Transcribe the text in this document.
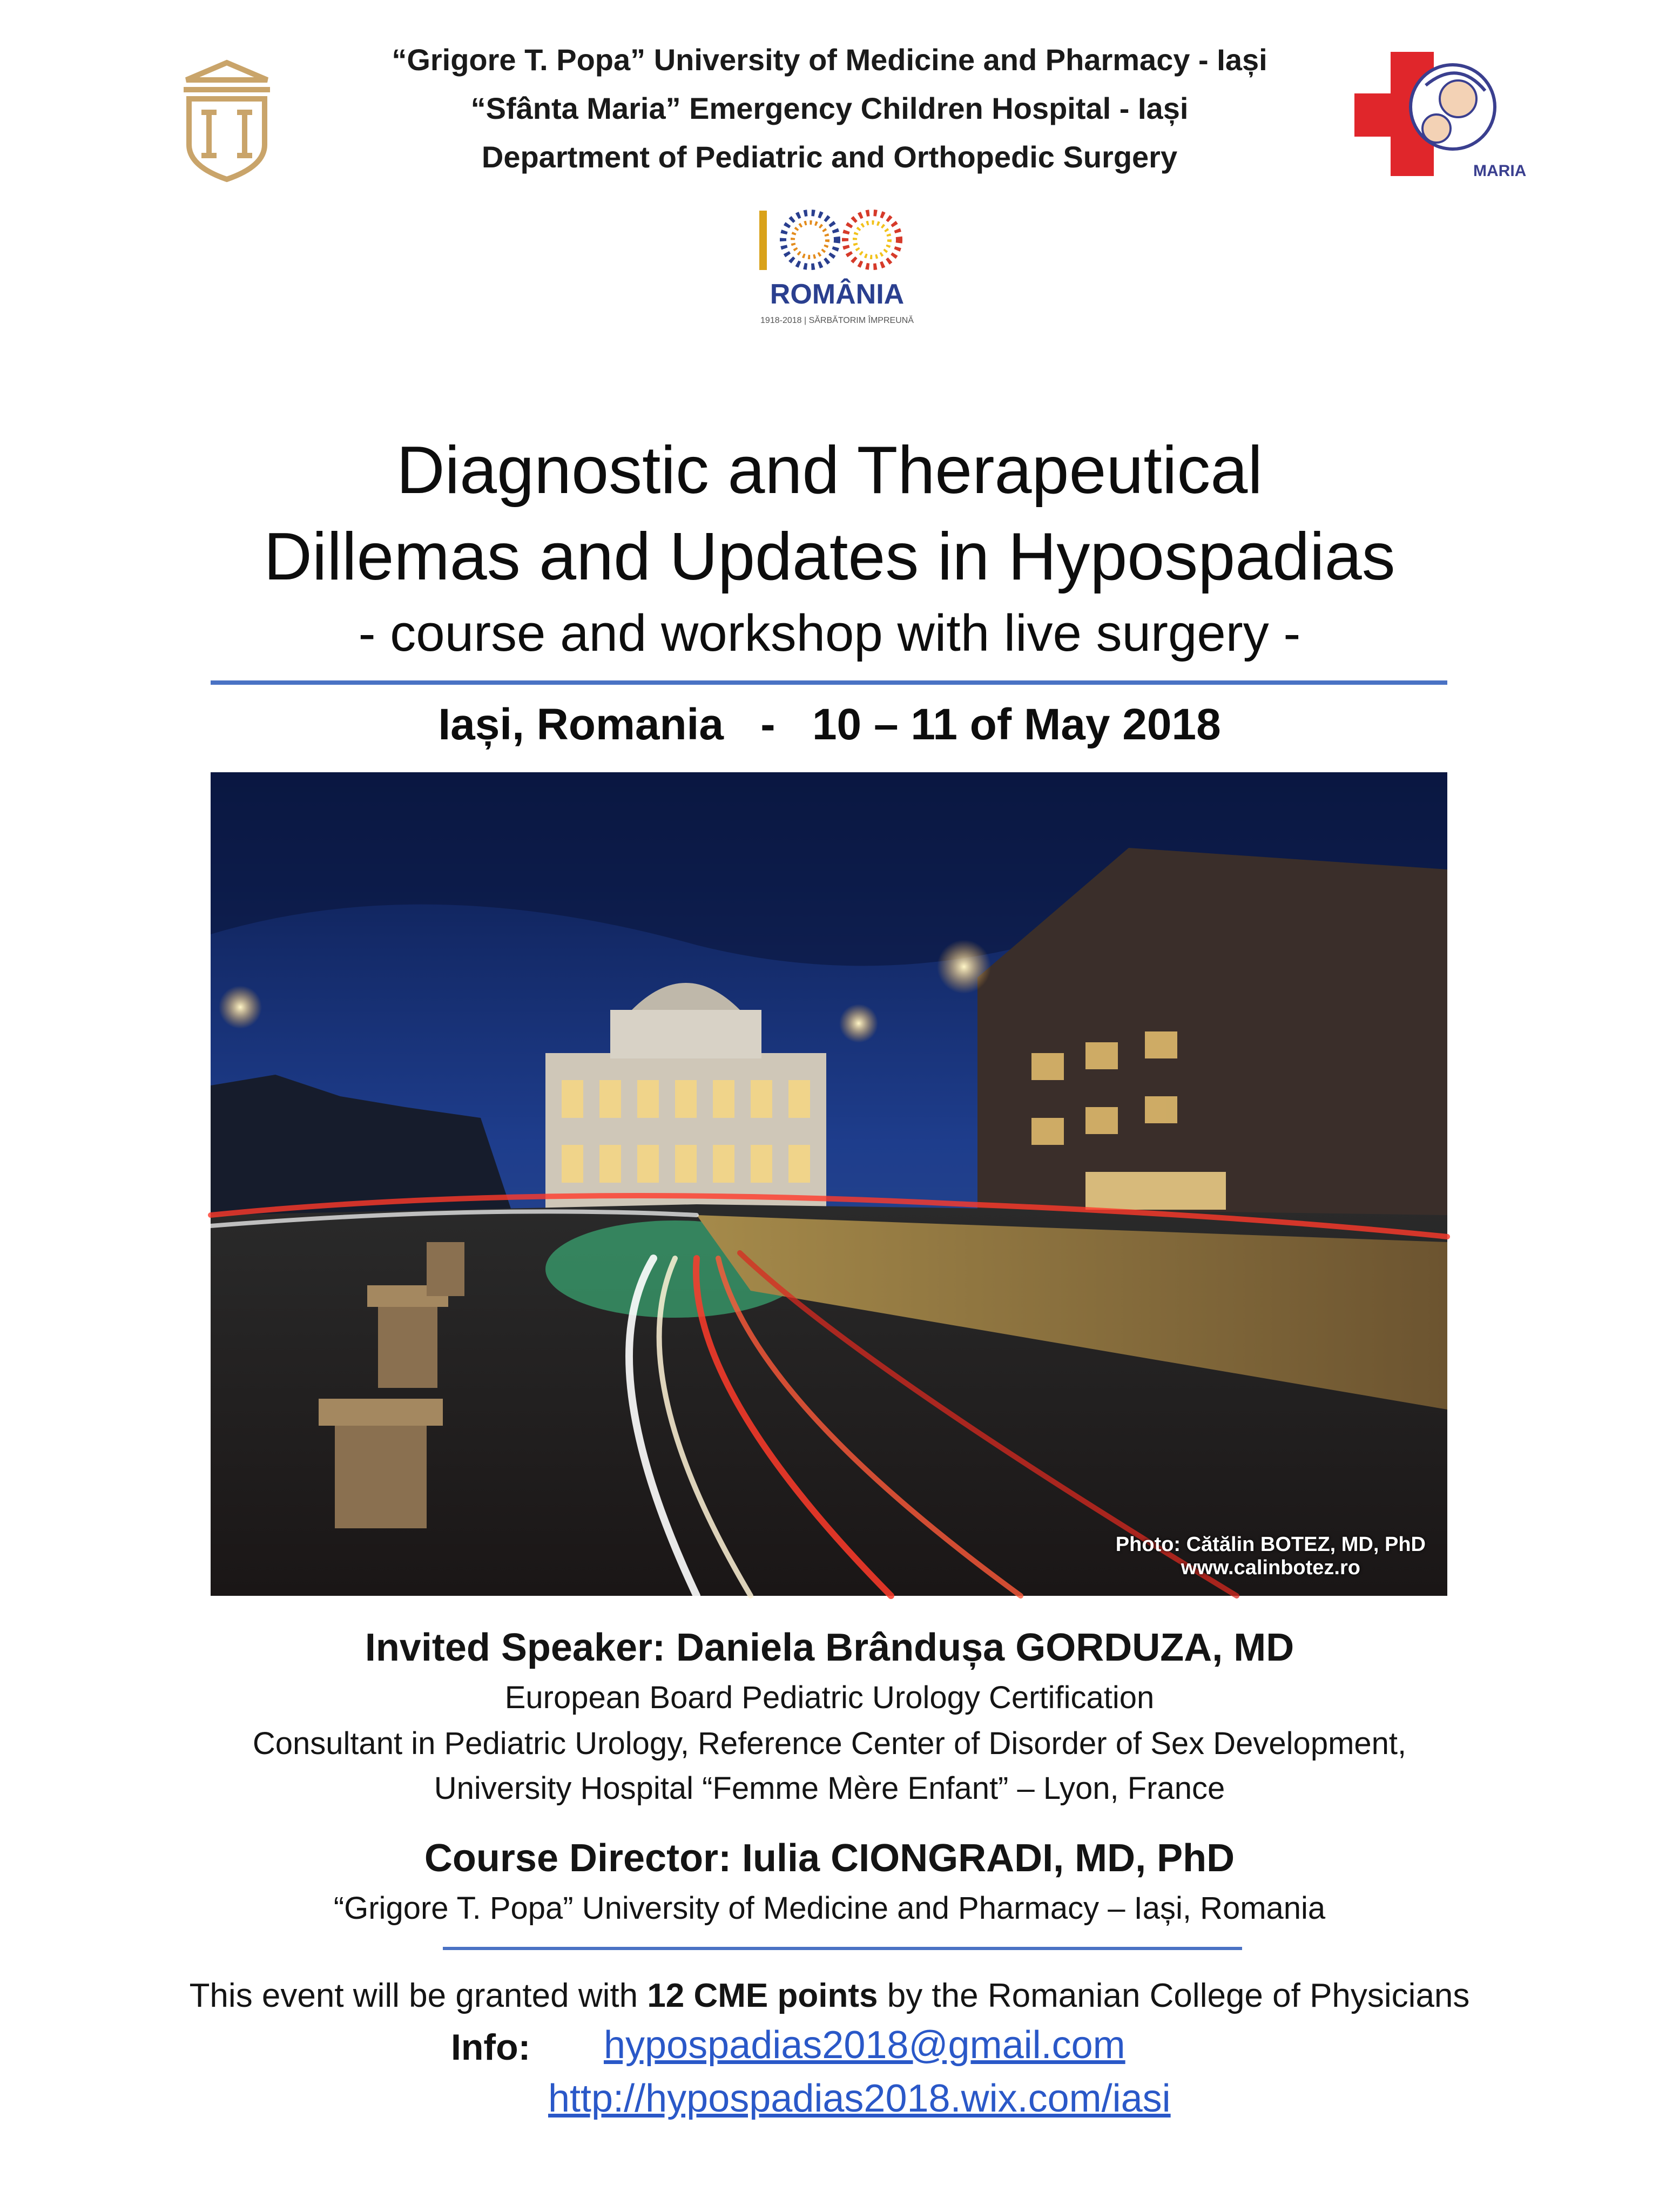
“Grigore T. Popa” University of Medicine and Pharmacy - Iași
“Sfânta Maria” Emergency Children Hospital - Iași
Department of Pediatric and Orthopedic Surgery	MARIA
ROMÂNIA
1918-2018 | SĂRBĂTORIM ÎMPREUNĂ
Diagnostic and Therapeutical
Dillemas and Updates in Hypospadias
- course and workshop with live surgery -
Iași, Romania   -   10 – 11 of May 2018
Photo: Cătălin BOTEZ, MD, PhD
www.calinbotez.ro
Invited Speaker: Daniela Brândușa GORDUZA, MD
European Board Pediatric Urology Certification
Consultant in Pediatric Urology, Reference Center of Disorder of Sex Development,
University Hospital “Femme Mère Enfant” – Lyon, France
Course Director: Iulia CIONGRADI, MD, PhD
“Grigore T. Popa” University of Medicine and Pharmacy – Iași, Romania
This event will be granted with 12 CME points by the Romanian College of Physicians
Info: hypospadias2018@gmail.com
http://hypospadias2018.wix.com/iasi
